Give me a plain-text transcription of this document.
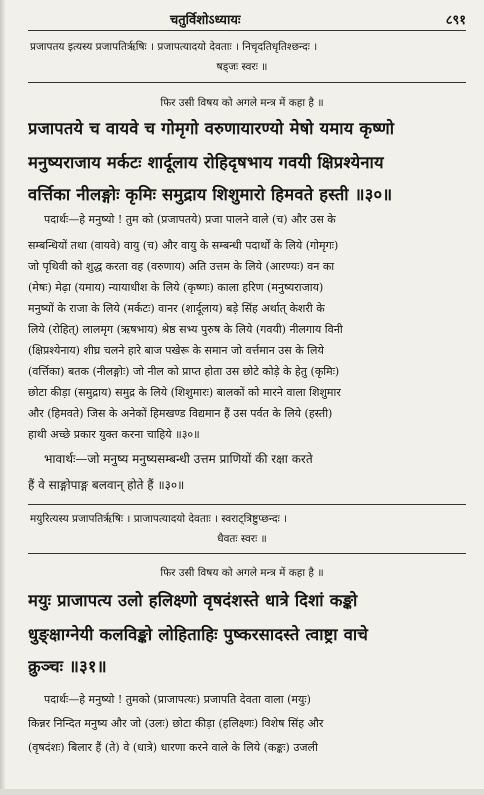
चतुर्विशोऽध्यायः	८९१
प्रजापतय इत्यस्य प्रजापतिर्ऋषिः । प्रजापत्यादयो देवताः । निचृदतिधृतिश्छन्दः ।
षड्जः स्वरः ॥
फिर उसी विषय को अगले मन्त्र में कहा है ॥
प्रजापतये च वायवे च गोमृगो वरुणायारण्यो मेषो यमाय कृष्णो
मनुष्यराजाय मर्कटः शार्दूलाय रोहिदृषभाय गवयी क्षिप्रश्येनाय
वर्त्तिका नीलङ्गोः कृमिः समुद्राय शिशुमारो हिमवते हस्ती ॥३०॥
पदार्थः—हे मनुष्यो ! तुम को (प्रजापतये) प्रजा पालने वाले (च) और उस के
सम्बन्धियों तथा (वायवे) वायु (च) और वायु के सम्बन्धी पदार्थों के लिये (गोमृगः)
जो पृथिवी को शुद्ध करता वह (वरुणाय) अति उत्तम के लिये (आरण्यः) वन का
(मेषः) मेढ़ा (यमाय) न्यायाधीश के लिये (कृष्णः) काला हरिण (मनुष्यराजाय)
मनुष्यों के राजा के लिये (मर्कटः) वानर (शार्दूलाय) बड़े सिंह अर्थात् केशरी के
लिये (रोहित्) लालमृग (ऋषभाय) श्रेष्ठ सभ्य पुरुष के लिये (गवयी) नीलगाय विनी
(क्षिप्रश्येनाय) शीघ्र चलने हारे बाज पखेरू के समान जो वर्त्तमान उस के लिये
(वर्त्तिका) बतक (नीलङ्गोः) जो नील को प्राप्त होता उस छोटे कोड़े के हेतु (कृमिः)
छोटा कीड़ा (समुद्राय) समुद्र के लिये (शिशुमारः) बालकों को मारने वाला शिशुमार
और (हिमवते) जिस के अनेकों हिमखण्ड विद्यमान हैं उस पर्वत के लिये (हस्ती)
हाथी अच्छे प्रकार युक्त करना चाहिये ॥३०॥
भावार्थः—जो मनुष्य मनुष्यसम्बन्धी उत्तम प्राणियों की रक्षा करते
हैं वे साङ्गोपाङ्ग बलवान् होते हैं ॥३०॥
मयुरित्यस्य प्रजापतिर्ऋषिः । प्राजापत्यादयो देवताः । स्वराट्त्रिष्टुप्छन्दः ।
धैवतः स्वरः ॥
फिर उसी विषय को अगले मन्त्र में कहा है ॥
मयुः प्राजापत्य उलो हलिक्ष्णो वृषदंशस्ते धात्रे दिशां कङ्को
धुङ्क्षाग्नेयी कलविङ्को लोहिताहिः पुष्करसादस्ते त्वाष्ट्रा वाचे
क्रुञ्चः ॥३१॥
पदार्थः—हे मनुष्यो ! तुमको (प्राजापत्यः) प्रजापति देवता वाला (मयुः)
किन्नर निन्दित मनुष्य और जो (उलः) छोटा कीड़ा (हलिक्ष्णः) विशेष सिंह और
(वृषदंशः) बिलार हैं (ते) वे (धात्रे) धारणा करने वाले के लिये (कङ्कः) उजली
